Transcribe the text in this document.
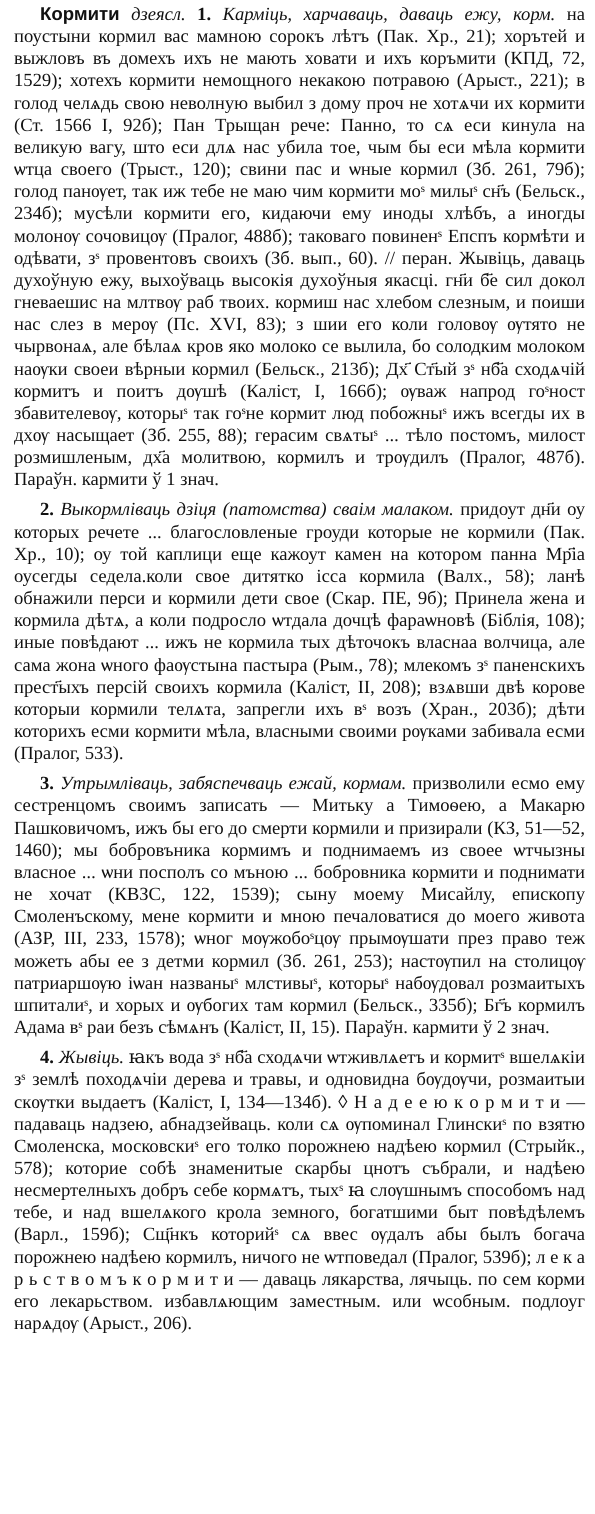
Кормити дзеясл. 1. Карміць, харчаваць, даваць ежу, корм. на поустыни кормил вас мамною сорокъ лѣтъ (Пак. Хр., 21); хорътей и выжловъ въ домехъ ихъ не мають ховати и ихъ коръмити (КПД, 72, 1529); хотехъ кормити немощного некакою потравою (Арыст., 221); в голод челѧдь свою неволную выбил з дому проч не хотѧчи их кормити (Ст. 1566 І, 92б); Пан Трыщан рече: Панно, то сѧ еси кинула на великую вагу, што еси длѧ нас убила тое, чым бы еси мѣла кормити ѡтца своего (Трыст., 120); свини пас и ѡные кормил (Зб. 261, 79б); голод панѹет, так иж тебе не маю чим кормити моˢ милыˢ сн҃ъ (Бельск., 234б); мусѣли кормити его, кидаючи ему иноды хлѣбъ, а иногды молонѹ сочовицѹ (Пралог, 488б); таковаго повиненˢ Епспъ кормѣти и одѣвати, зˢ провентовъ своихъ (Зб. вып., 60). // перан. Жывіць, даваць духоўную ежу, выхоўваць высокія духоўныя якасці. гн҃и б҃е сил докол гневаешис на млтвѹ раб твоих. кормиш нас хлебом слезным, и поиши нас слез в мерѹ (Пс. XVI, 83); з шии его коли головѹ ѹтято не чырвонаѧ, але бѣлаѧ кров яко молоко се вылила, бо солодким молоком наѹки своеи вѣрныи кормил (Бельск., 213б); Дх҃ Ст҃ый зˢ нб҃а сходѧчій кормитъ и поитъ дѹшѣ (Каліст, І, 166б); ѹваж напрод гоˢност збавителевѹ, которыˢ так гоˢне кормит люд побожныˢ ижъ всегды их в дхѹ насыщает (Зб. 255, 88); герасим свѧтыˢ ... тѣло постомъ, милост розмишленым, дх҃а молитвою, кормилъ и трѹдилъ (Пралог, 487б). Параўн. кармити ў 1 знач.

2. Выкормліваць дзіця (патомства) сваім малаком. придоут дн҃и оу которых речете ... благословленые гроуди которые не кормили (Пак. Хр., 10); оу той каплици еще кажоут камен на котором панна Мр҃іа оусегды седела.коли свое дитятко ісса кормила (Валх., 58); ланѣ обнажили перси и кормили дети свое (Скар. ПЕ, 9б); Принела жена и кормила дѣтѧ, а коли подросло ѡтдала дочцѣ фараѡновѣ (Біблія, 108); иные повѣдают ... ижъ не кормила тых дѣточокъ власнаа волчица, але сама жона ѡного фаѹстына пастыра (Рым., 78); млекомъ зˢ паненскихъ прест҃ыхъ персій своихъ кормила (Каліст, ІІ, 208); взѧвши двѣ корове которыи кормили телѧта, запрегли ихъ вˢ возъ (Хран., 203б); дѣти которихъ есми кормити мѣла, власными своими рѹками забивала есми (Пралог, 533).

3. Утрымліваць, забяспечваць ежай, кормам. призволили есмо ему сестренцомъ своимъ записать — Митьку а Тимоѳею, а Макарю Пашковичомъ, ижъ бы его до смерти кормили и призирали (КЗ, 51—52, 1460); мы бобровъника кормимъ и поднимаемъ из своее ѡтчызны власное ... ѡни посполъ со мъною ... бобровника кормити и поднимати не хочат (КВЗС, 122, 1539); сыну моему Мисайлу, епископу Смоленъскому, мене кормити и мною печаловатися до моего живота (АЗР, ІІІ, 233, 1578); ѡног мѹжобоˢцѹ прымѹшати през право теж можеть абы ее з детми кормил (Зб. 261, 253); настѹпил на столицѹ патриаршѹю іѡан названыˢ млстивыˢ, которыˢ набѹдовал розмаитыхъ шпиталиˢ, и хорых и ѹбогих там кормил (Бельск., 335б); Бг҃ъ кормилъ Адама вˢ раи безъ сѣмѧнъ (Каліст, ІІ, 15). Параўн. кармити ў 2 знач.

4. Жывіць. ꙗкъ вода зˢ нб҃а сходѧчи ѡтживлѧетъ и кормитˢ вшелѧкіи зˢ землѣ походѧчіи дерева и травы, и одновидна бѹдѹчи, розмаитыи скѹтки выдаетъ (Каліст, І, 134—134б). ◊ Н а д е е ю к о р м и т и — падаваць надзею, абнадзейваць. коли сѧ ѹпоминал Глинскиˢ по взятю Смоленска, московскиˢ его толко порожнею надѣею кормил (Стрыйк., 578); которие собѣ знаменитые скарбы цнотъ събрали, и надѣею несмертелныхъ добръ себе кормѧтъ, тыхˢ ꙗ слѹшнымъ способомъ над тебе, и над вшелѧкого крола земного, богатшими быт повѣдѣлемъ (Варл., 159б); Сщ҃нкъ которийˢ сѧ ввес ѹдалъ абы былъ богача порожнею надѣею кормилъ, ничого не ѡтповедал (Пралог, 539б); л е к а р ь с т в о м ъ к о р м и т и — даваць лякарства, лячыць. по сем корми его лекарьством. избавлѧющим заместным. или ѡсобным. подлоуг нарѧдѹ (Арыст., 206).
